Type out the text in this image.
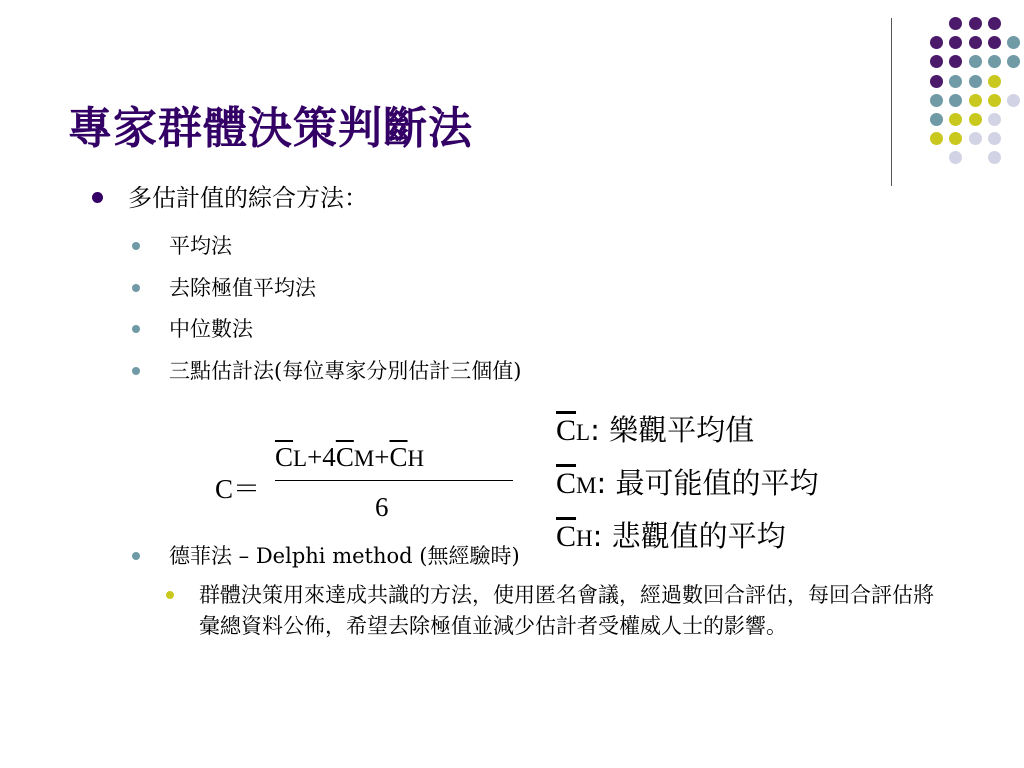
專家群體決策判斷法
多估計值的綜合方法：
平均法
去除極值平均法
中位數法
三點估計法(每位專家分別估計三個值)
C＝
$\overline{C}L+4\overline{C}M+\overline{C}H$
6
$\overline{C}L$: 樂觀平均值
$\overline{C}M$: 最可能值的平均
$\overline{C}H$: 悲觀值的平均
德菲法 – Delphi method (無經驗時)
群體決策用來達成共識的方法，使用匿名會議，經過數回合評估，每回合評估將彙總資料公佈，希望去除極值並減少估計者受權威人士的影響。
